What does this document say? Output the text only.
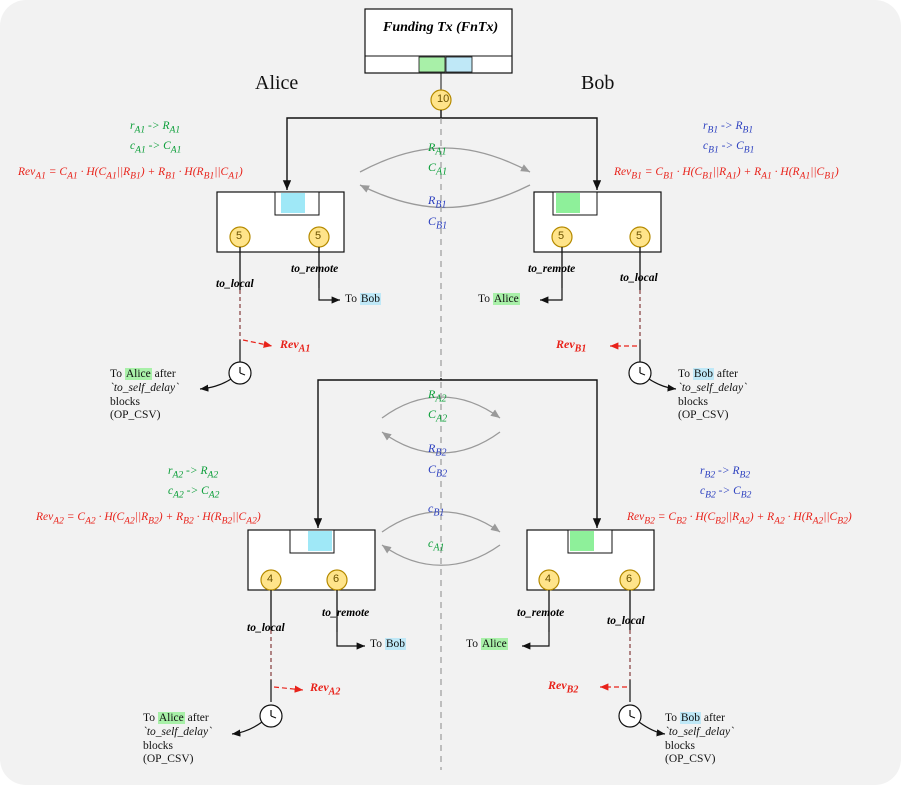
Funding Tx (FnTx)
Alice	Bob
10
$r_{A1} -> R_{A1}$
$c_{A1} -> C_{A1}$
$Rev_{A1} = C_{A1} \cdot H(C_{A1}||R_{B1}) + R_{B1} \cdot H(R_{B1}||C_{A1})$
$r_{B1} -> R_{B1}$
$c_{B1} -> C_{B1}$
$Rev_{B1} = C_{B1} \cdot H(C_{B1}||R_{A1}) + R_{A1} \cdot H(R_{A1}||C_{B1})$
$R_{A1}$
$C_{A1}$
$R_{B1}$
$C_{B1}$
$R_{A2}$
$C_{A2}$
$R_{B2}$
$C_{B2}$
$c_{B1}$
$c_{A1}$
5	5
to_local
to_remote
To Bob
Rev$_{A1}$
To Alice after
`to_self_delay`
blocks
(OP_CSV)
5	5
to_remote
to_local
To Alice
Rev$_{B1}$
To Bob after
`to_self_delay`
blocks
(OP_CSV)
$r_{A2} -> R_{A2}$
$c_{A2} -> C_{A2}$
$Rev_{A2} = C_{A2} \cdot H(C_{A2}||R_{B2}) + R_{B2} \cdot H(R_{B2}||C_{A2})$
$r_{B2} -> R_{B2}$
$c_{B2} -> C_{B2}$
$Rev_{B2} = C_{B2} \cdot H(C_{B2}||R_{A2}) + R_{A2} \cdot H(R_{A2}||C_{B2})$
4	6
to_local
to_remote
To Bob
Rev$_{A2}$
To Alice after
`to_self_delay`
blocks
(OP_CSV)
4	6
to_remote
to_local
To Alice
Rev$_{B2}$
To Bob after
`to_self_delay`
blocks
(OP_CSV)
